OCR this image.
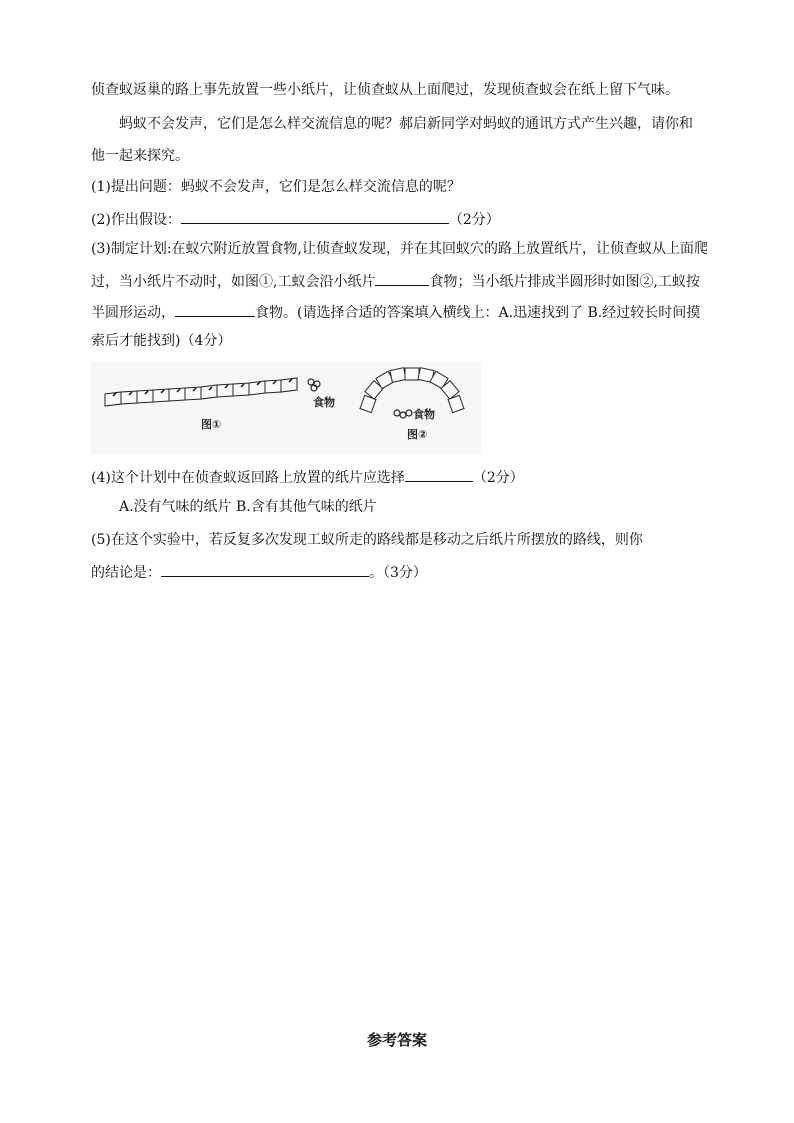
侦查蚁返巢的路上事先放置一些小纸片，让侦查蚁从上面爬过，发现侦查蚁会在纸上留下气味。
蚂蚁不会发声，它们是怎么样交流信息的呢？郝启新同学对蚂蚁的通讯方式产生兴趣，请你和
他一起来探究。
(1)提出问题：蚂蚁不会发声，它们是怎么样交流信息的呢？
(2)作出假设：	（2分）
(3)制定计划:在蚁穴附近放置食物,让侦查蚁发现，并在其回蚁穴的路上放置纸片，让侦查蚁从上面爬
过，当小纸片不动时，如图①,工蚁会沿小纸片	食物；当小纸片排成半圆形时如图②,工蚁按
半圆形运动，	食物。(请选择合适的答案填入横线上：A.迅速找到了 B.经过较长时间摸
索后才能找到)（4分）
食物
图①
食物
图②
(4)这个计划中在侦查蚁返回路上放置的纸片应选择	（2分）
A.没有气味的纸片 B.含有其他气味的纸片
(5)在这个实验中，若反复多次发现工蚁所走的路线都是移动之后纸片所摆放的路线，则你
的结论是：	。（3分）
参考答案
